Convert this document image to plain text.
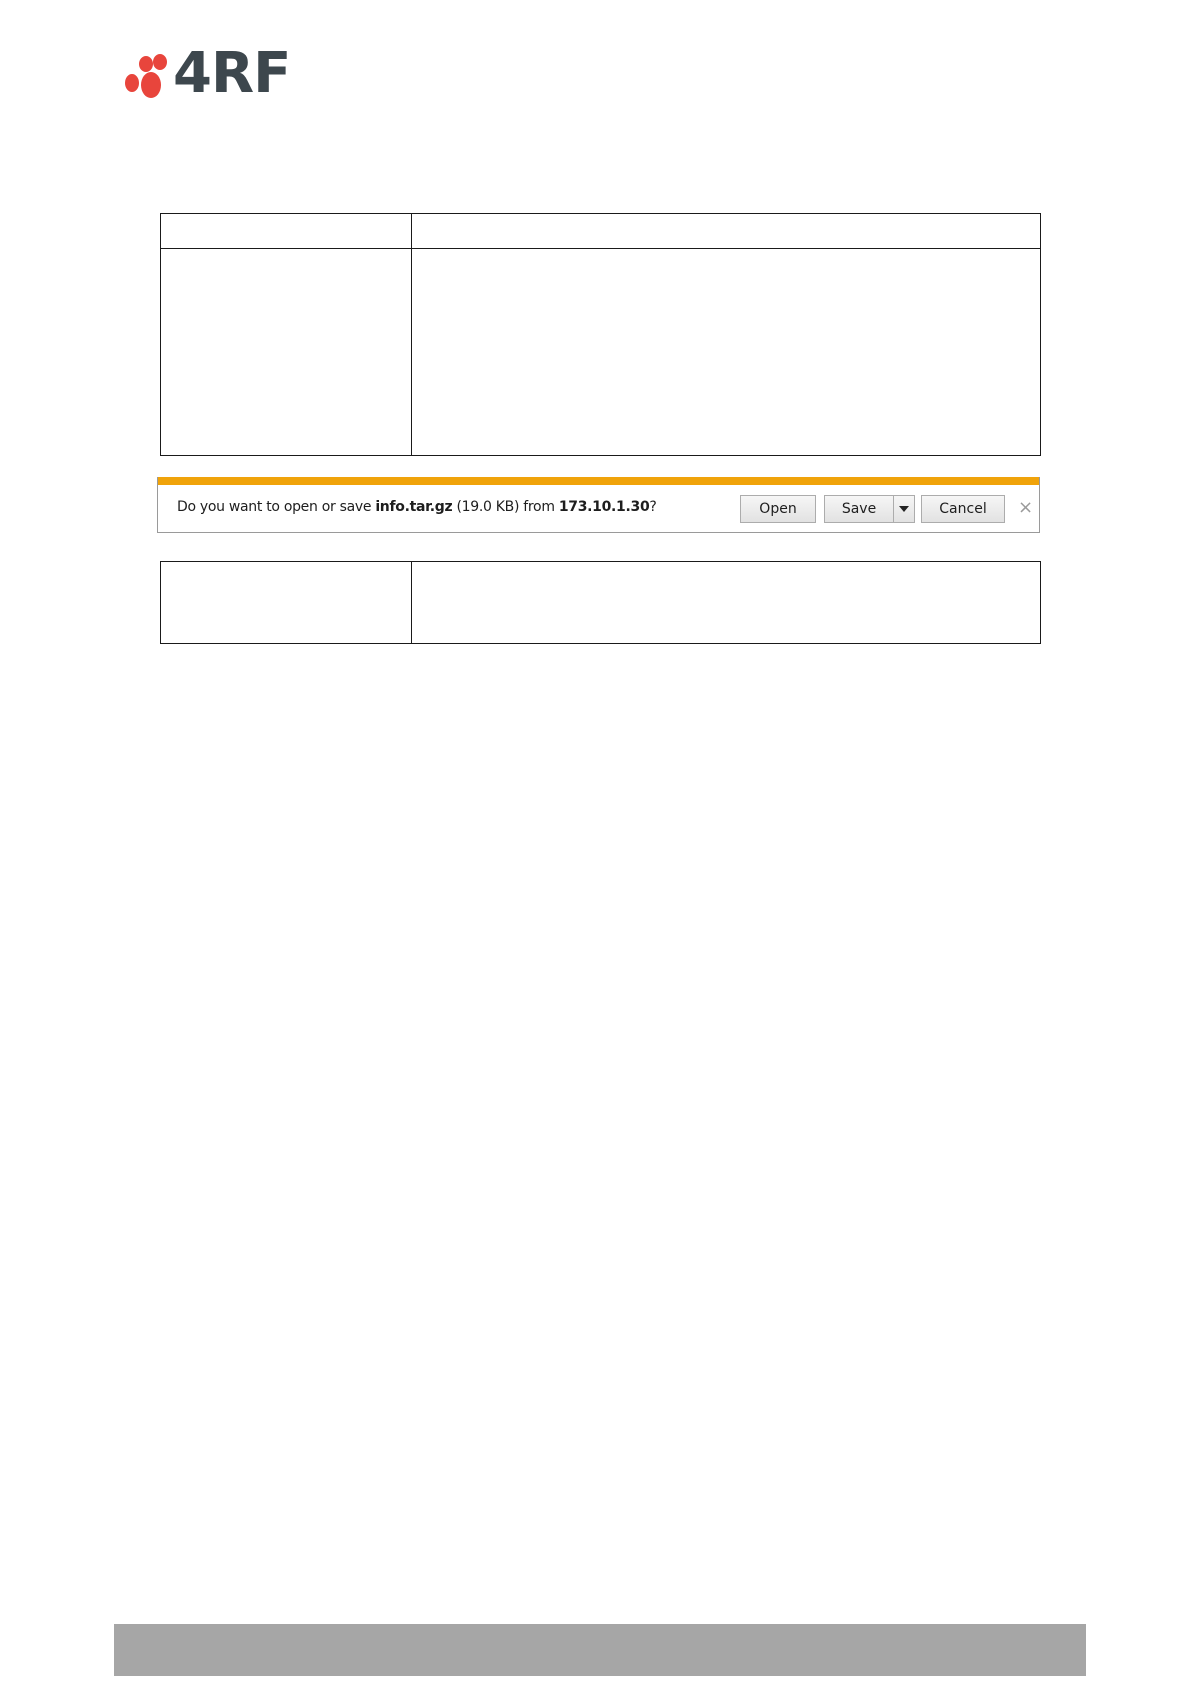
4RF

Do you want to open or save info.tar.gz (19.0 KB) from 173.10.1.30?	Open	Save	Cancel	×
